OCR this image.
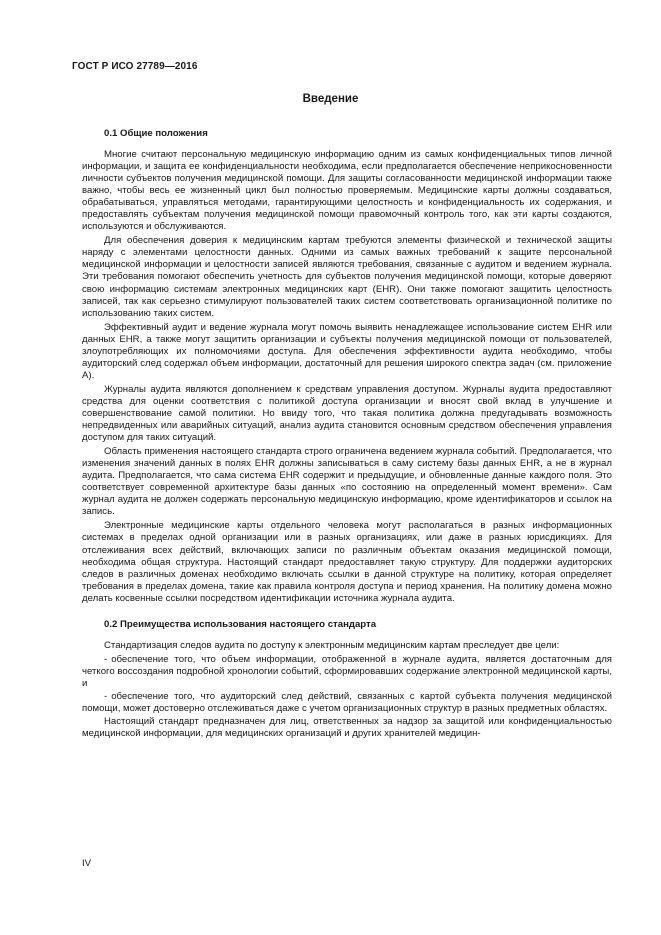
ГОСТ Р ИСО 27789—2016
Введение
0.1 Общие положения

Многие считают персональную медицинскую информацию одним из самых конфиденциальных типов личной информации, и защита ее конфиденциальности необходима, если предполагается обеспечение неприкосновенности личности субъектов получения медицинской помощи. Для защиты согласованности медицинской информации также важно, чтобы весь ее жизненный цикл был полностью проверяемым. Медицинские карты должны создаваться, обрабатываться, управляться методами, гарантирующими целостность и конфиденциальность их содержания, и предоставлять субъектам получения медицинской помощи правомочный контроль того, как эти карты создаются, используются и обслуживаются.

Для обеспечения доверия к медицинским картам требуются элементы физической и технической защиты наряду с элементами целостности данных. Одними из самых важных требований к защите персональной медицинской информации и целостности записей являются требования, связанные с аудитом и ведением журнала. Эти требования помогают обеспечить учетность для субъектов получения медицинской помощи, которые доверяют свою информацию системам электронных медицинских карт (EHR). Они также помогают защитить целостность записей, так как серьезно стимулируют пользователей таких систем соответствовать организационной политике по использованию таких систем.

Эффективный аудит и ведение журнала могут помочь выявить ненадлежащее использование систем EHR или данных EHR, а также могут защитить организации и субъекты получения медицинской помощи от пользователей, злоупотребляющих их полномочиями доступа. Для обеспечения эффективности аудита необходимо, чтобы аудиторский след содержал объем информации, достаточный для решения широкого спектра задач (см. приложение А).

Журналы аудита являются дополнением к средствам управления доступом. Журналы аудита предоставляют средства для оценки соответствия с политикой доступа организации и вносят свой вклад в улучшение и совершенствование самой политики. Но ввиду того, что такая политика должна предугадывать возможность непредвиденных или аварийных ситуаций, анализ аудита становится основным средством обеспечения управления доступом для таких ситуаций.

Область применения настоящего стандарта строго ограничена ведением журнала событий. Предполагается, что изменения значений данных в полях EHR должны записываться в саму систему базы данных EHR, а не в журнал аудита. Предполагается, что сама система EHR содержит и предыдущие, и обновленные данные каждого поля. Это соответствует современной архитектуре базы данных «по состоянию на определенный момент времени». Сам журнал аудита не должен содержать персональную медицинскую информацию, кроме идентификаторов и ссылок на запись.

Электронные медицинские карты отдельного человека могут располагаться в разных информационных системах в пределах одной организации или в разных организациях, или даже в разных юрисдикциях. Для отслеживания всех действий, включающих записи по различным объектам оказания медицинской помощи, необходима общая структура. Настоящий стандарт предоставляет такую структуру. Для поддержки аудиторских следов в различных доменах необходимо включать ссылки в данной структуре на политику, которая определяет требования в пределах домена, такие как правила контроля доступа и период хранения. На политику домена можно делать косвенные ссылки посредством идентификации источника журнала аудита.

0.2 Преимущества использования настоящего стандарта

Стандартизация следов аудита по доступу к электронным медицинским картам преследует две цели:

- обеспечение того, что объем информации, отображенной в журнале аудита, является достаточным для четкого воссоздания подробной хронологии событий, сформировавших содержание электронной медицинской карты, и
- обеспечение того, что аудиторский след действий, связанных с картой субъекта получения медицинской помощи, может достоверно отслеживаться даже с учетом организационных структур в разных предметных областях.

Настоящий стандарт предназначен для лиц, ответственных за надзор за защитой или конфиденциальностью медицинской информации, для медицинских организаций и других хранителей медицин-

IV
